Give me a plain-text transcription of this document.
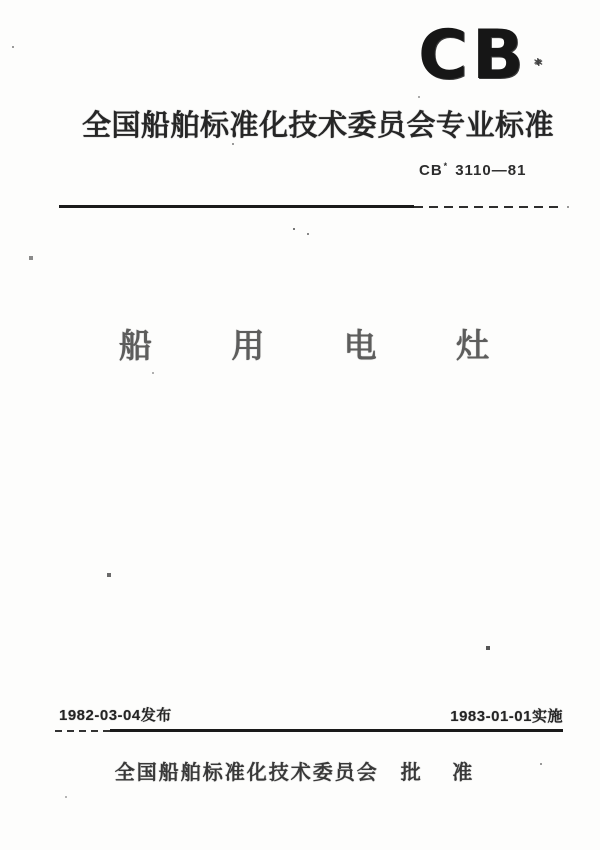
CB *
全国船舶标准化技术委员会专业标准
CB* 3110—81
船 用 电 灶
1982-03-04发布	1983-01-01实施
全国船舶标准化技术委员会 批 准
